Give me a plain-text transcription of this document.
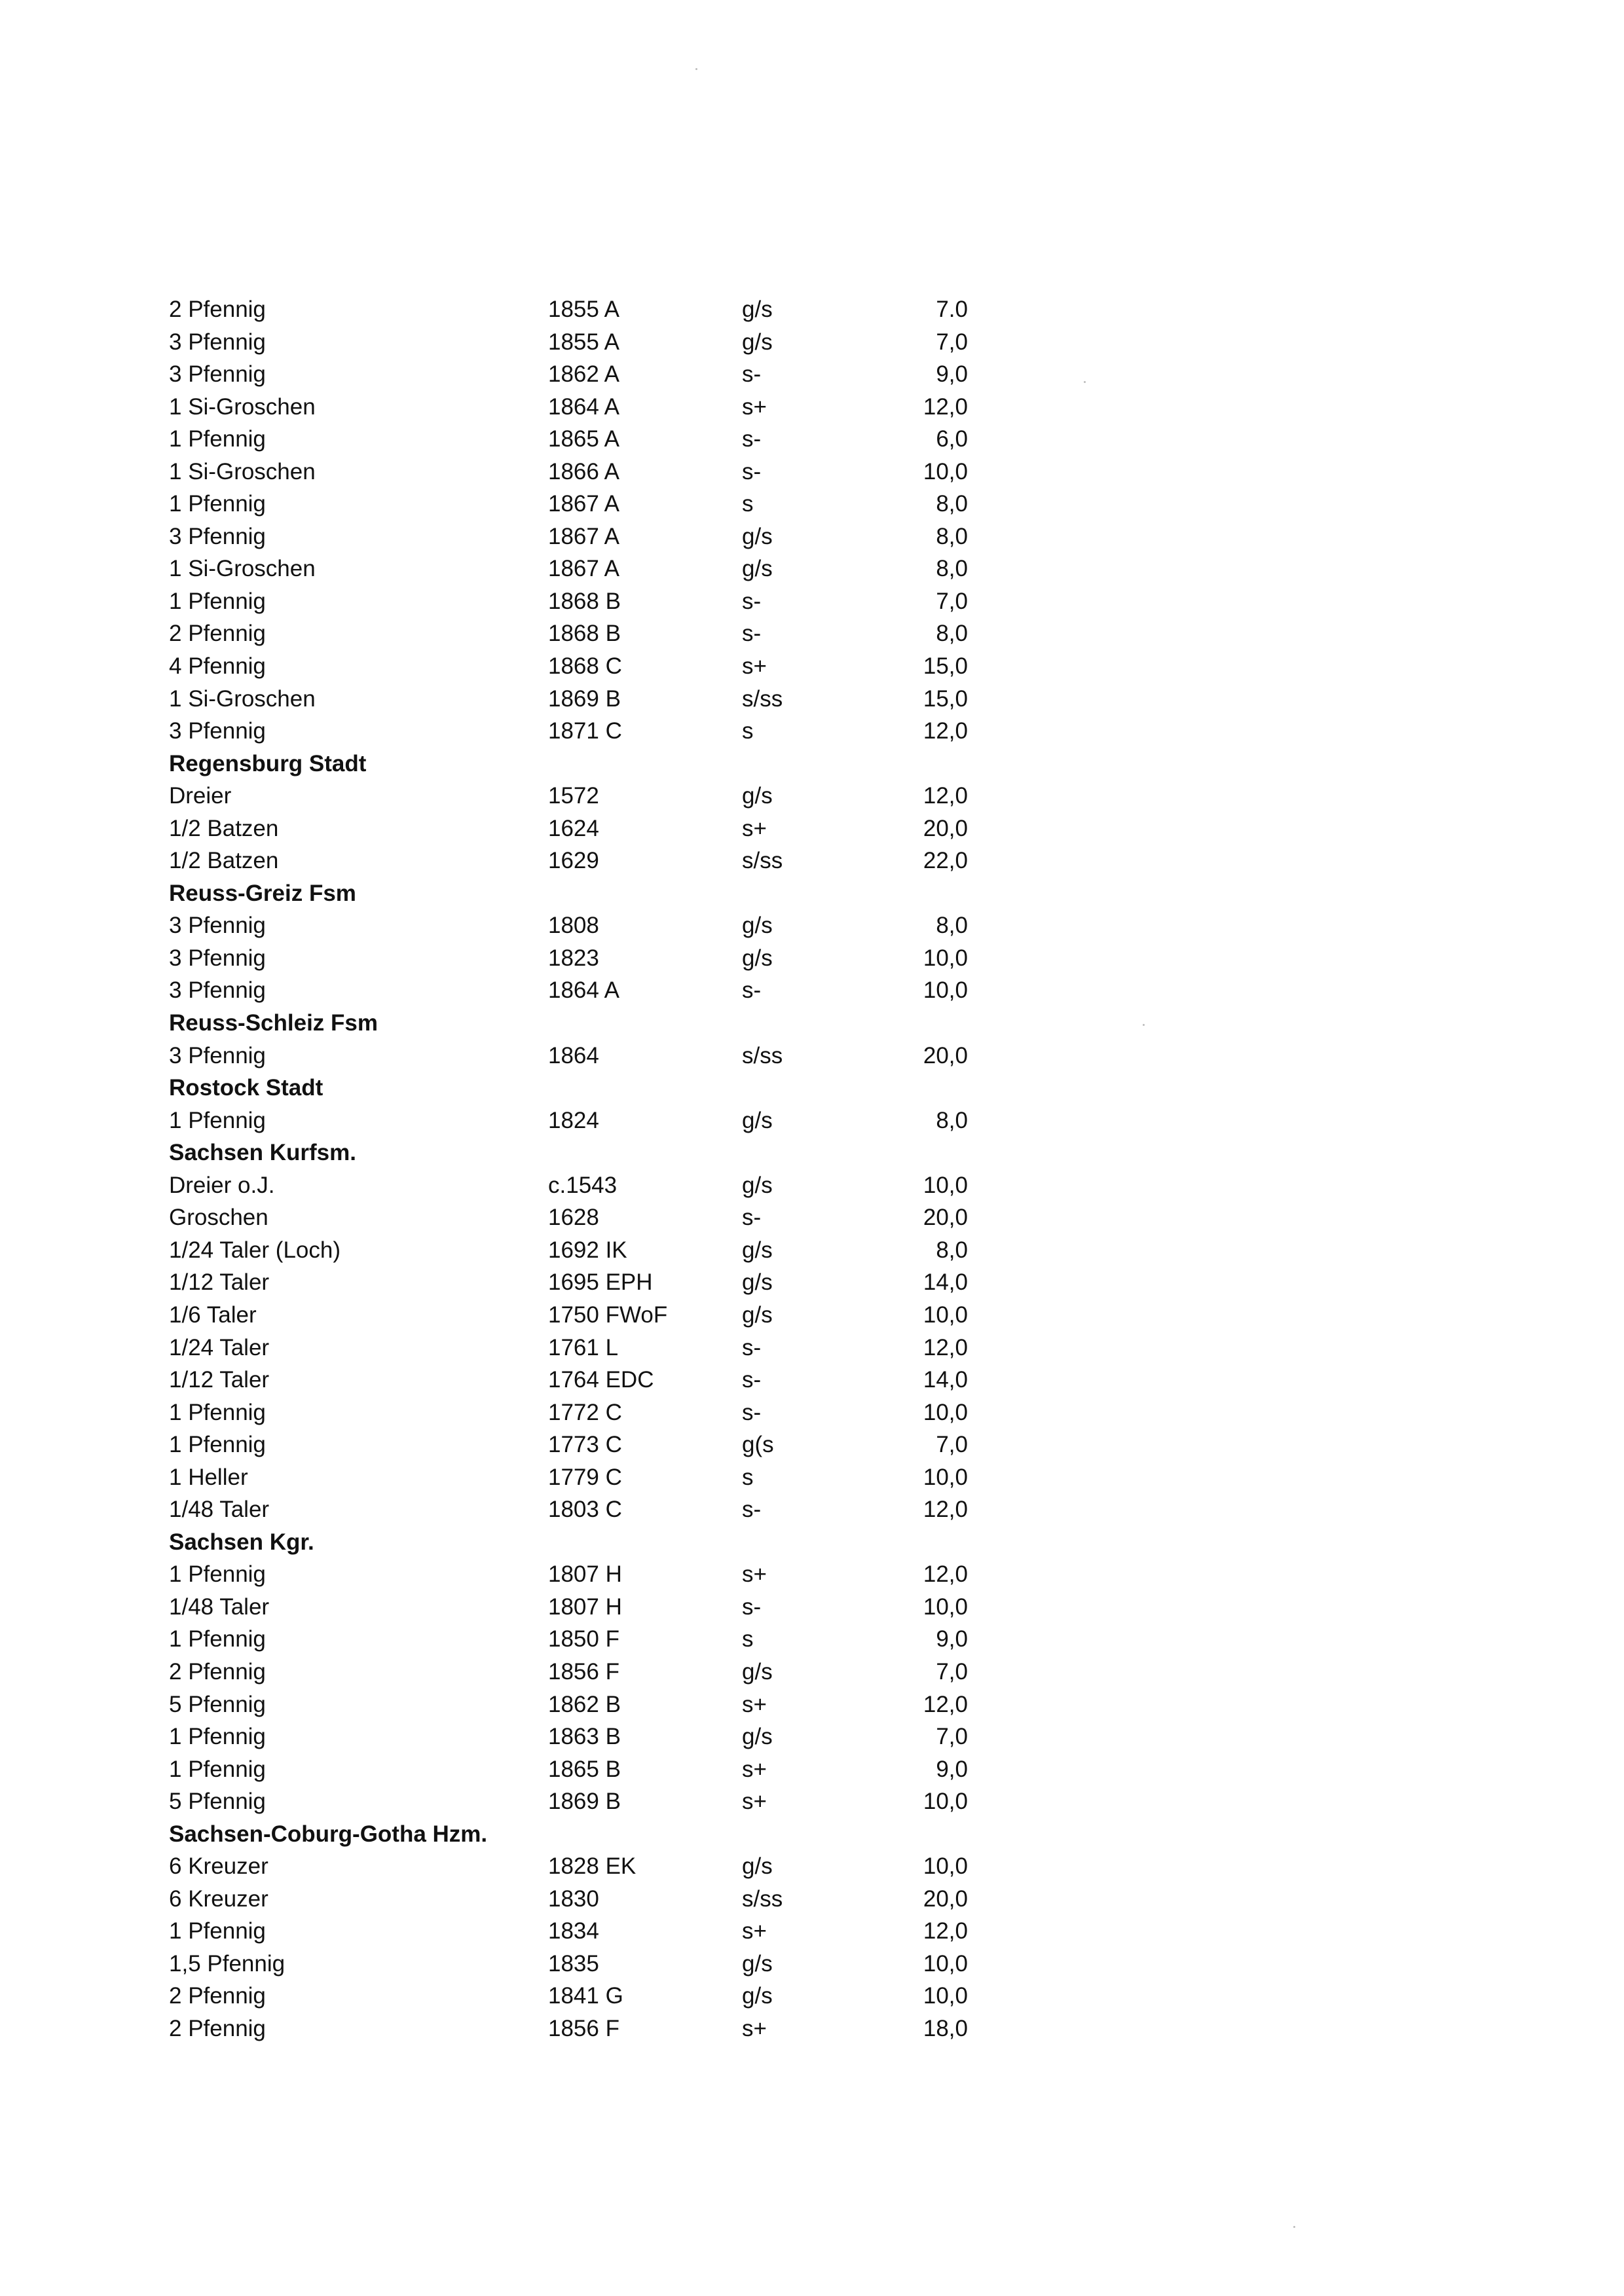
2 Pfennig	1855 A	g/s	7.0
3 Pfennig	1855 A	g/s	7,0
3 Pfennig	1862 A	s-	9,0
1 Si-Groschen	1864 A	s+	12,0
1 Pfennig	1865 A	s-	6,0
1 Si-Groschen	1866 A	s-	10,0
1 Pfennig	1867 A	s	8,0
3 Pfennig	1867 A	g/s	8,0
1 Si-Groschen	1867 A	g/s	8,0
1 Pfennig	1868 B	s-	7,0
2 Pfennig	1868 B	s-	8,0
4 Pfennig	1868 C	s+	15,0
1 Si-Groschen	1869 B	s/ss	15,0
3 Pfennig	1871 C	s	12,0
Regensburg Stadt
Dreier	1572	g/s	12,0
1/2 Batzen	1624	s+	20,0
1/2 Batzen	1629	s/ss	22,0
Reuss-Greiz Fsm
3 Pfennig	1808	g/s	8,0
3 Pfennig	1823	g/s	10,0
3 Pfennig	1864 A	s-	10,0
Reuss-Schleiz Fsm
3 Pfennig	1864	s/ss	20,0
Rostock Stadt
1 Pfennig	1824	g/s	8,0
Sachsen Kurfsm.
Dreier o.J.	c.1543	g/s	10,0
Groschen	1628	s-	20,0
1/24 Taler (Loch)	1692 IK	g/s	8,0
1/12 Taler	1695 EPH	g/s	14,0
1/6 Taler	1750 FWoF	g/s	10,0
1/24 Taler	1761 L	s-	12,0
1/12 Taler	1764 EDC	s-	14,0
1 Pfennig	1772 C	s-	10,0
1 Pfennig	1773 C	g(s	7,0
1 Heller	1779 C	s	10,0
1/48 Taler	1803 C	s-	12,0
Sachsen Kgr.
1 Pfennig	1807 H	s+	12,0
1/48 Taler	1807 H	s-	10,0
1 Pfennig	1850 F	s	9,0
2 Pfennig	1856 F	g/s	7,0
5 Pfennig	1862 B	s+	12,0
1 Pfennig	1863 B	g/s	7,0
1 Pfennig	1865 B	s+	9,0
5 Pfennig	1869 B	s+	10,0
Sachsen-Coburg-Gotha Hzm.
6 Kreuzer	1828 EK	g/s	10,0
6 Kreuzer	1830	s/ss	20,0
1 Pfennig	1834	s+	12,0
1,5 Pfennig	1835	g/s	10,0
2 Pfennig	1841 G	g/s	10,0
2 Pfennig	1856 F	s+	18,0
